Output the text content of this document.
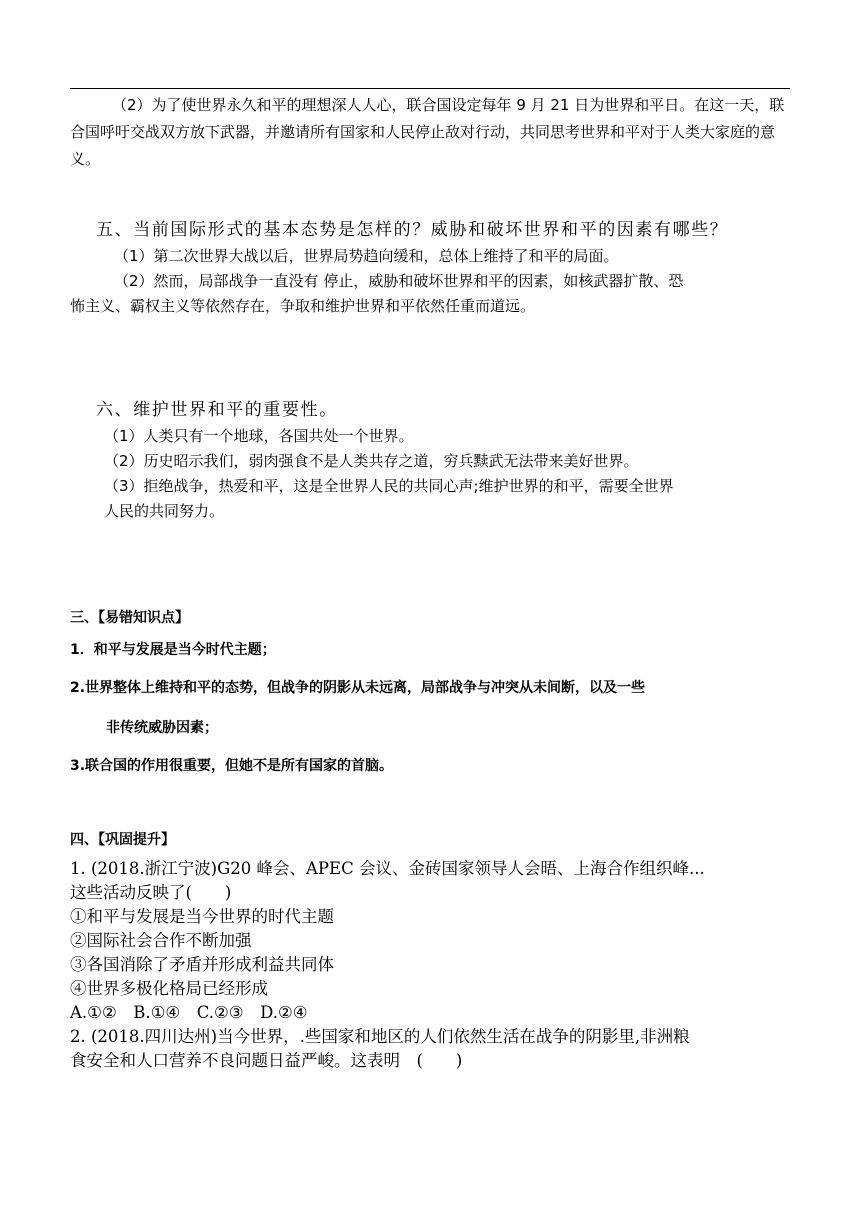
（2）为了使世界永久和平的理想深人人心，联合国设定每年 9 月 21 日为世界和平日。在这一天，联合国呼吁交战双方放下武器，并邀请所有国家和人民停止敌对行动，共同思考世界和平对于人类大家庭的意义。

五、当前国际形式的基本态势是怎样的？威胁和破坏世界和平的因素有哪些？

（1）第二次世界大战以后，世界局势趋向缓和，总体上维持了和平的局面。

（2）然而，局部战争一直没有 停止，威胁和破坏世界和平的因素，如核武器扩散、恐

怖主义、霸权主义等依然存在，争取和维护世界和平依然任重而道远。

六、维护世界和平的重要性。

（1）人类只有一个地球，各国共处一个世界。

（2）历史昭示我们，弱肉强食不是人类共存之道，穷兵黩武无法带来美好世界。

（3）拒绝战争，热爱和平，这是全世界人民的共同心声;维护世界的和平，需要全世界

人民的共同努力。

三、【易错知识点】

1．和平与发展是当今时代主题；

2.世界整体上维持和平的态势，但战争的阴影从未远离，局部战争与冲突从未间断，以及一些

非传统威胁因素；

3.联合国的作用很重要，但她不是所有国家的首脑。

四、【巩固提升】

1. (2018.浙江宁波)G20 峰会、APEC 会议、金砖国家领导人会晤、上海合作组织峰...

这些活动反映了(　　)

①和平与发展是当今世界的时代主题

②国际社会合作不断加强

③各国消除了矛盾并形成利益共同体

④世界多极化格局已经形成

A.①②　B.①④　C.②③　D.②④

2. (2018.四川达州)当今世界，.些国家和地区的人们依然生活在战争的阴影里,非洲粮

食安全和人口营养不良问题日益严峻。这表明　(　　)
